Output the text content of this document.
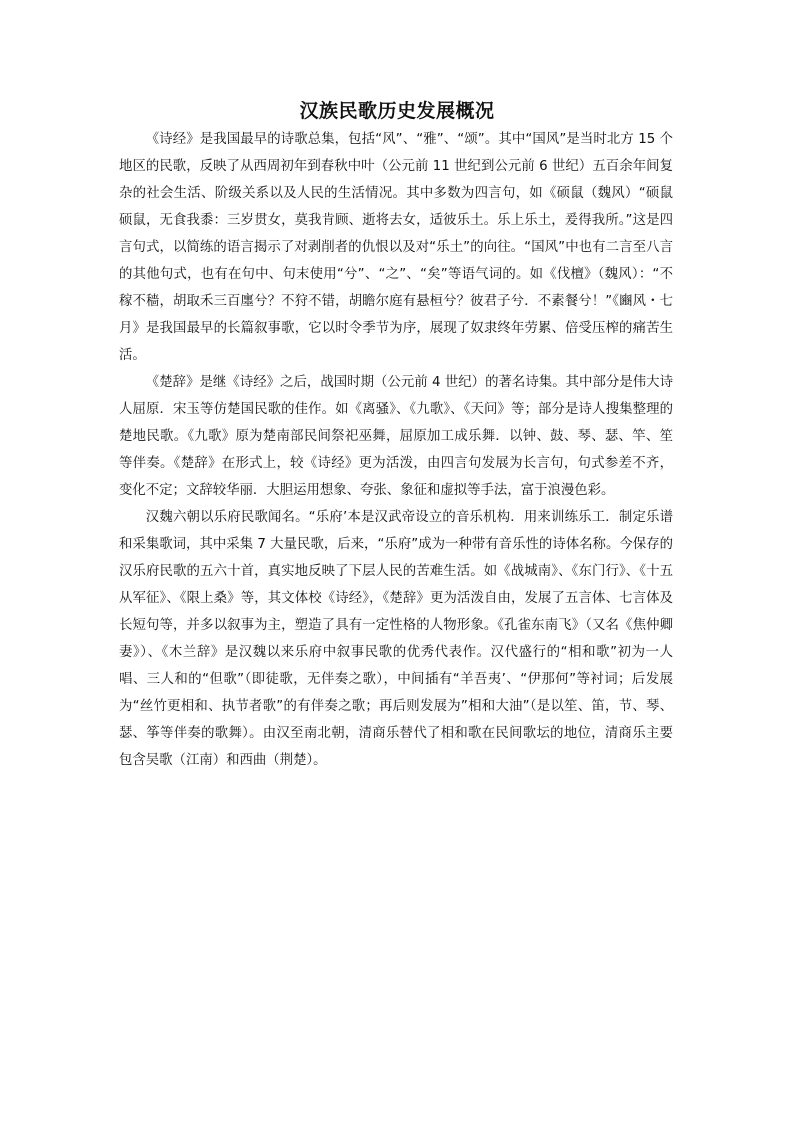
汉族民歌历史发展概况

《诗经》是我国最早的诗歌总集，包括“风”、“雅”、“颂”。其中“国风”是当时北方 15 个地区的民歌，反映了从西周初年到春秋中叶（公元前 11 世纪到公元前 6 世纪）五百余年间复杂的社会生活、阶级关系以及人民的生活情况。其中多数为四言句，如《硕鼠（魏风）“硕鼠硕鼠，无食我黍：三岁贯女，莫我肯顾、逝将去女，适彼乐土。乐上乐土，爰得我所。”这是四言句式，以简练的语言揭示了对剥削者的仇恨以及对“乐土”的向往。“国风”中也有二言至八言的其他句式，也有在句中、句末使用“兮”、“之”、“矣”等语气词的。如《伐檀》（魏风）：“不稼不穑，胡取禾三百廛兮？不狩不错，胡瞻尔庭有悬桓兮？彼君子兮．不素餐兮！”《豳风・七月》是我国最早的长篇叙事歌，它以时令季节为序，展现了奴隶终年劳累、倍受压榨的痛苦生活。

《楚辞》是继《诗经》之后，战国时期（公元前 4 世纪）的著名诗集。其中部分是伟大诗人屈原．宋玉等仿楚国民歌的佳作。如《离骚》、《九歌》、《天问》等；部分是诗人搜集整理的楚地民歌。《九歌》原为楚南部民间祭祀巫舞，屈原加工成乐舞．以钟、鼓、琴、瑟、竿、笙等伴奏。《楚辞》在形式上，较《诗经》更为活泼，由四言句发展为长言句，句式参差不齐，变化不定；文辞较华丽．大胆运用想象、夸张、象征和虚拟等手法，富于浪漫色彩。

汉魏六朝以乐府民歌闻名。“乐府’本是汉武帝设立的音乐机构．用来训练乐工．制定乐谱和采集歌词，其中采集 7 大量民歌，后来，“乐府”成为一种带有音乐性的诗体名称。今保存的汉乐府民歌的五六十首，真实地反映了下层人民的苦难生活。如《战城南》、《东门行》、《十五从军征》、《限上桑》等，其文体校《诗经》，《楚辞》更为活泼自由，发展了五言体、七言体及长短句等，并多以叙事为主，塑造了具有一定性格的人物形象。《孔雀东南飞》（又名《焦仲卿妻》）、《木兰辞》是汉魏以来乐府中叙事民歌的优秀代表作。汉代盛行的“相和歌”初为一人唱、三人和的“但歌”（即徒歌，无伴奏之歌），中间插有“羊吾夷’、“伊那何”等衬词；后发展为“丝竹更相和、执节者歌”的有伴奏之歌；再后则发展为”相和大油”（是以笙、笛，节、琴、瑟、筝等伴奏的歌舞）。由汉至南北朝，清商乐替代了相和歌在民间歌坛的地位，清商乐主要包含吴歌（江南）和西曲（荆楚）。
